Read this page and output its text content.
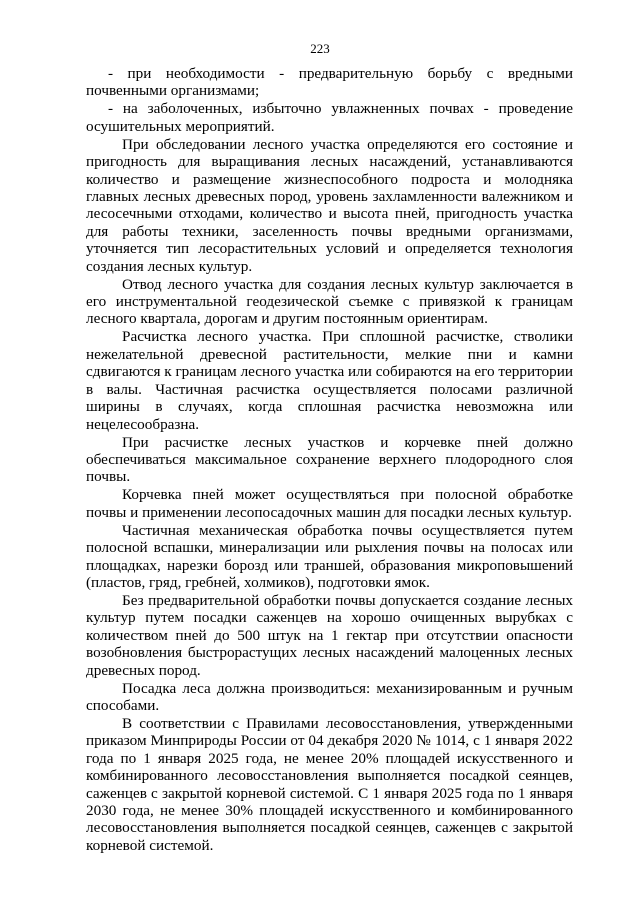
223

- при необходимости - предварительную борьбу с вредными почвенными организмами;

- на заболоченных, избыточно увлажненных почвах - проведение осушительных мероприятий.

При обследовании лесного участка определяются его состояние и пригодность для выращивания лесных насаждений, устанавливаются количество и размещение жизнеспособного подроста и молодняка главных лесных древесных пород, уровень захламленности валежником и лесосечными отходами, количество и высота пней, пригодность участка для работы техники, заселенность почвы вредными организмами, уточняется тип лесорастительных условий и определяется технология создания лесных культур.

Отвод лесного участка для создания лесных культур заключается в его инструментальной геодезической съемке с привязкой к границам лесного квартала, дорогам и другим постоянным ориентирам.

Расчистка лесного участка. При сплошной расчистке, стволики нежелательной древесной растительности, мелкие пни и камни сдвигаются к границам лесного участка или собираются на его территории в валы. Частичная расчистка осуществляется полосами различной ширины в случаях, когда сплошная расчистка невозможна или нецелесообразна.

При расчистке лесных участков и корчевке пней должно обеспечиваться максимальное сохранение верхнего плодородного слоя почвы.

Корчевка пней может осуществляться при полосной обработке почвы и применении лесопосадочных машин для посадки лесных культур.

Частичная механическая обработка почвы осуществляется путем полосной вспашки, минерализации или рыхления почвы на полосах или площадках, нарезки борозд или траншей, образования микроповышений (пластов, гряд, гребней, холмиков), подготовки ямок.

Без предварительной обработки почвы допускается создание лесных культур путем посадки саженцев на хорошо очищенных вырубках с количеством пней до 500 штук на 1 гектар при отсутствии опасности возобновления быстрорастущих лесных насаждений малоценных лесных древесных пород.

Посадка леса должна производиться: механизированным и ручным способами.

В соответствии с Правилами лесовосстановления, утвержденными приказом Минприроды России от 04 декабря 2020 № 1014, с 1 января 2022 года по 1 января 2025 года, не менее 20% площадей искусственного и комбинированного лесовосстановления выполняется посадкой сеянцев, саженцев с закрытой корневой системой. С 1 января 2025 года по 1 января 2030 года, не менее 30% площадей искусственного и комбинированного лесовосстановления выполняется посадкой сеянцев, саженцев с закрытой корневой системой.
